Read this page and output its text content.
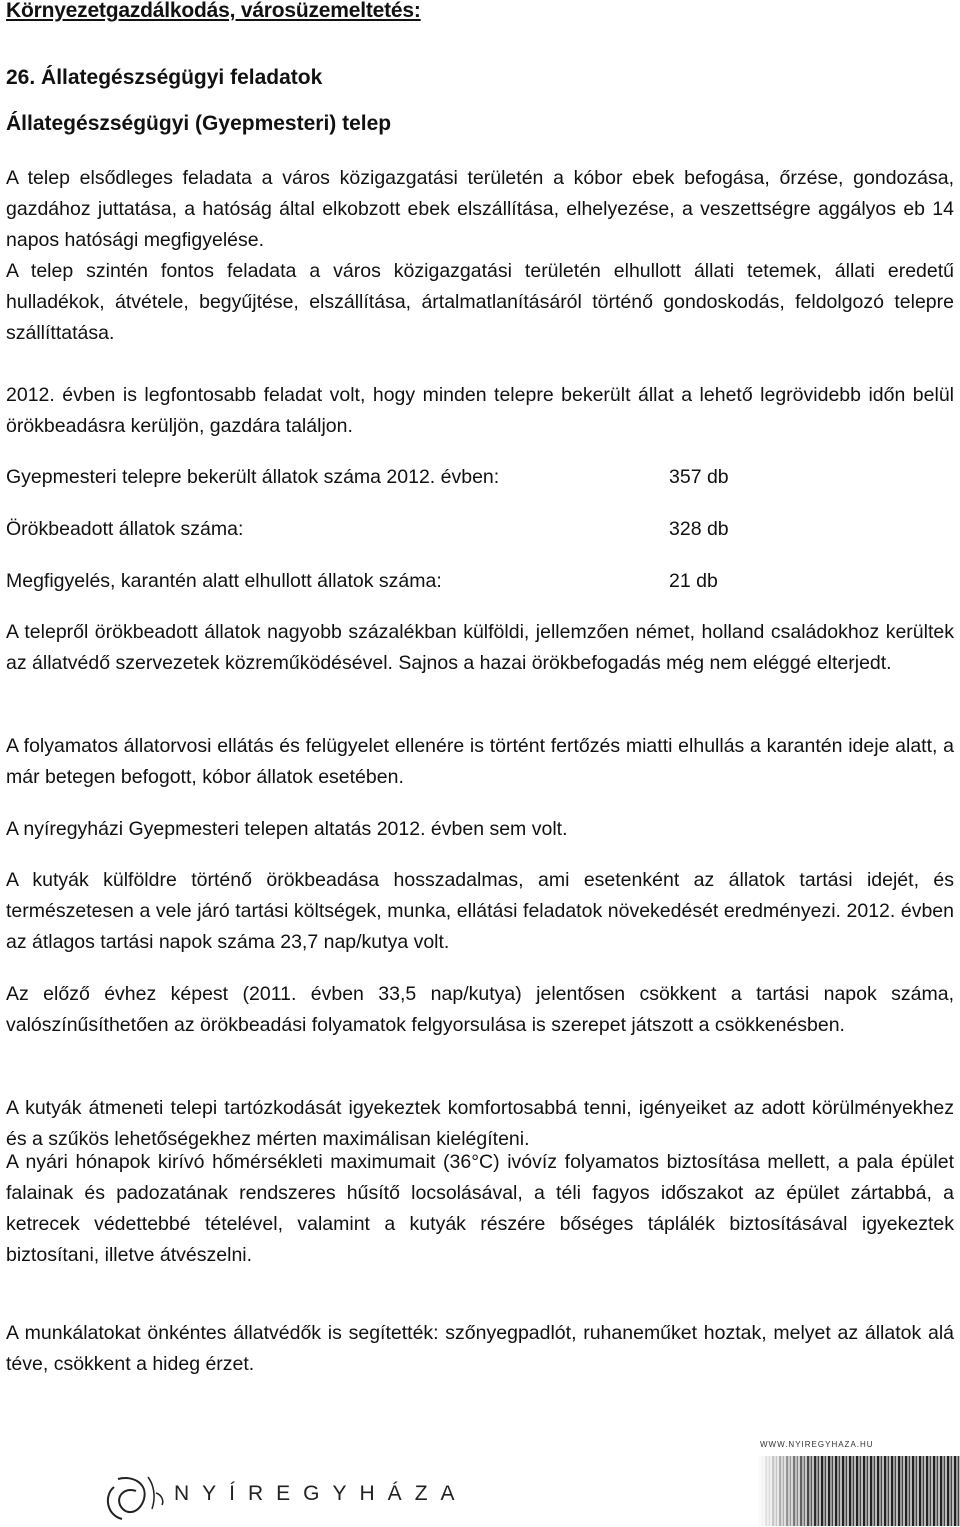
Környezetgazdálkodás, városüzemeltetés:
26. Állategészségügyi feladatok
Állategészségügyi (Gyepmesteri) telep

A telep elsődleges feladata a város közigazgatási területén a kóbor ebek befogása, őrzése, gondozása, gazdához juttatása, a hatóság által elkobzott ebek elszállítása, elhelyezése, a veszettségre aggályos eb 14 napos hatósági megfigyelése.

A telep szintén fontos feladata a város közigazgatási területén elhullott állati tetemek, állati eredetű hulladékok, átvétele, begyűjtése, elszállítása, ártalmatlanításáról történő gondoskodás, feldolgozó telepre szállíttatása.

2012. évben is legfontosabb feladat volt, hogy minden telepre bekerült állat a lehető legrövidebb időn belül örökbeadásra kerüljön, gazdára találjon.

Gyepmesteri telepre bekerült állatok száma 2012. évben:	357 db
Örökbeadott állatok száma:	328 db
Megfigyelés, karantén alatt elhullott állatok száma:	21 db

A telepről örökbeadott állatok nagyobb százalékban külföldi, jellemzően német, holland családokhoz kerültek az állatvédő szervezetek közreműködésével. Sajnos a hazai örökbefogadás még nem eléggé elterjedt.

A folyamatos állatorvosi ellátás és felügyelet ellenére is történt fertőzés miatti elhullás a karantén ideje alatt, a már betegen befogott, kóbor állatok esetében.

A nyíregyházi Gyepmesteri telepen altatás 2012. évben sem volt.

A kutyák külföldre történő örökbeadása hosszadalmas, ami esetenként az állatok tartási idejét, és természetesen a vele járó tartási költségek, munka, ellátási feladatok növekedését eredményezi. 2012. évben az átlagos tartási napok száma 23,7 nap/kutya volt.

Az előző évhez képest (2011. évben 33,5 nap/kutya) jelentősen csökkent a tartási napok száma, valószínűsíthetően az örökbeadási folyamatok felgyorsulása is szerepet játszott a csökkenésben.

A kutyák átmeneti telepi tartózkodását igyekeztek komfortosabbá tenni, igényeiket az adott körülményekhez és a szűkös lehetőségekhez mérten maximálisan kielégíteni.

A nyári hónapok kirívó hőmérsékleti maximumait (36°C) ivóvíz folyamatos biztosítása mellett, a pala épület falainak és padozatának rendszeres hűsítő locsolásával, a téli fagyos időszakot az épület zártabbá, a ketrecek védettebbé tételével, valamint a kutyák részére bőséges táplálék biztosításával igyekeztek biztosítani, illetve átvészelni.

A munkálatokat önkéntes állatvédők is segítették: szőnyegpadlót, ruhaneműket hoztak, melyet az állatok alá téve, csökkent a hideg érzet.

WWW.NYIREGYHAZA.HU
NYÍREGYHÁZA
